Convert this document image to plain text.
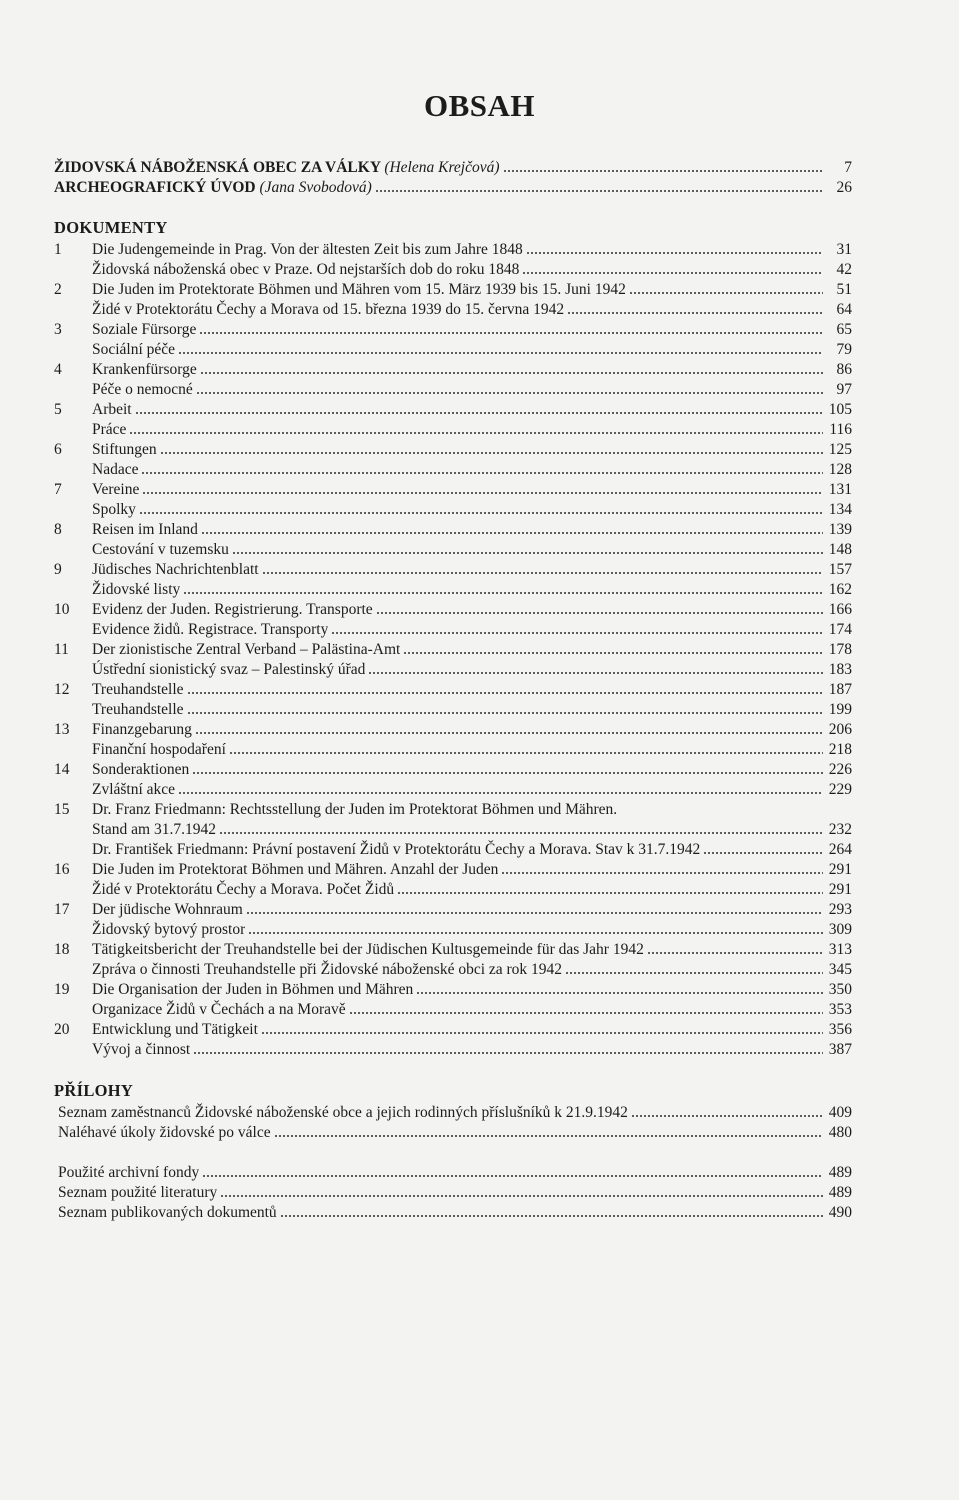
OBSAH
ŽIDOVSKÁ NÁBOŽENSKÁ OBEC ZA VÁLKY (Helena Krejčová)	7
ARCHEOGRAFICKÝ ÚVOD (Jana Svobodová)	26
DOKUMENTY
1	Die Judengemeinde in Prag. Von der ältesten Zeit bis zum Jahre 1848	31
Židovská náboženská obec v Praze. Od nejstarších dob do roku 1848	42
2	Die Juden im Protektorate Böhmen und Mähren vom 15. März 1939 bis 15. Juni 1942	51
Židé v Protektorátu Čechy a Morava od 15. března 1939 do 15. června 1942	64
3	Soziale Fürsorge	65
Sociální péče	79
4	Krankenfürsorge	86
Péče o nemocné	97
5	Arbeit	105
Práce	116
6	Stiftungen	125
Nadace	128
7	Vereine	131
Spolky	134
8	Reisen im Inland	139
Cestování v tuzemsku	148
9	Jüdisches Nachrichtenblatt	157
Židovské listy	162
10	Evidenz der Juden. Registrierung. Transporte	166
Evidence židů. Registrace. Transporty	174
11	Der zionistische Zentral Verband – Palästina-Amt	178
Ústřední sionistický svaz – Palestinský úřad	183
12	Treuhandstelle	187
Treuhandstelle	199
13	Finanzgebarung	206
Finanční hospodaření	218
14	Sonderaktionen	226
Zvláštní akce	229
15	Dr. Franz Friedmann: Rechtsstellung der Juden im Protektorat Böhmen und Mähren.
Stand am 31.7.1942	232
Dr. František Friedmann: Právní postavení Židů v Protektorátu Čechy a Morava. Stav k 31.7.1942	264
16	Die Juden im Protektorat Böhmen und Mähren. Anzahl der Juden	291
Židé v Protektorátu Čechy a Morava. Počet Židů	291
17	Der jüdische Wohnraum	293
Židovský bytový prostor	309
18	Tätigkeitsbericht der Treuhandstelle bei der Jüdischen Kultusgemeinde für das Jahr 1942	313
Zpráva o činnosti Treuhandstelle při Židovské náboženské obci za rok 1942	345
19	Die Organisation der Juden in Böhmen und Mähren	350
Organizace Židů v Čechách a na Moravě	353
20	Entwicklung und Tätigkeit	356
Vývoj a činnost	387
PŘÍLOHY
Seznam zaměstnanců Židovské náboženské obce a jejich rodinných příslušníků k 21.9.1942	409
Naléhavé úkoly židovské po válce	480
Použité archivní fondy	489
Seznam použité literatury	489
Seznam publikovaných dokumentů	490
